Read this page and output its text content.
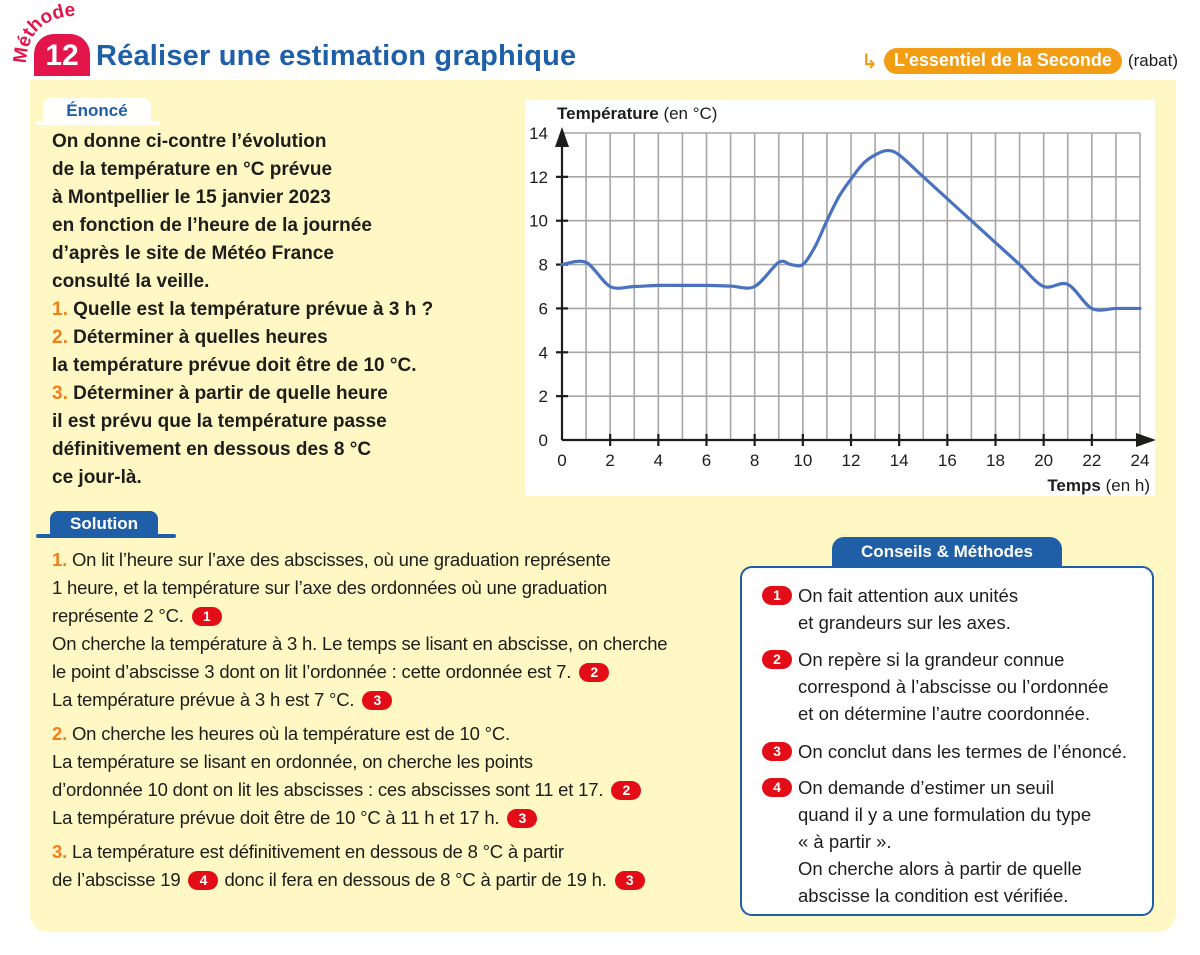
Méthode
12 Réaliser une estimation graphique	↳ L’essentiel de la Seconde (rabat)
Énoncé
On donne ci-contre l’évolution
de la température en °C prévue
à Montpellier le 15 janvier 2023
en fonction de l’heure de la journée
d’après le site de Météo France
consulté la veille.
1. Quelle est la température prévue à 3 h ?
2. Déterminer à quelles heures
la température prévue doit être de 10 °C.
3. Déterminer à partir de quelle heure
il est prévu que la température passe
définitivement en dessous des 8 °C
ce jour-là.
0 2 4 6 8 10 12 14 16 18 20 22 24
0
2
4
6
8
10
12
14
Température (en °C)
Temps (en h)
Solution

1. On lit l’heure sur l’axe des abscisses, où une graduation représente

1 heure, et la température sur l’axe des ordonnées où une graduation

représente 2 °C. 1

On cherche la température à 3 h. Le temps se lisant en abscisse, on cherche

le point d’abscisse 3 dont on lit l’ordonnée : cette ordonnée est 7. 2

La température prévue à 3 h est 7 °C. 3

2. On cherche les heures où la température est de 10 °C.

La température se lisant en ordonnée, on cherche les points

d’ordonnée 10 dont on lit les abscisses : ces abscisses sont 11 et 17. 2

La température prévue doit être de 10 °C à 11 h et 17 h. 3

3. La température est définitivement en dessous de 8 °C à partir

de l’abscisse 19 4 donc il fera en dessous de 8 °C à partir de 19 h. 3

Conseils & Méthodes
1 On fait attention aux unités
et grandeurs sur les axes.
2 On repère si la grandeur connue
correspond à l’abscisse ou l’ordonnée
et on détermine l’autre coordonnée.
3 On conclut dans les termes de l’énoncé.
4 On demande d’estimer un seuil
quand il y a une formulation du type
« à partir ».
On cherche alors à partir de quelle
abscisse la condition est vérifiée.
